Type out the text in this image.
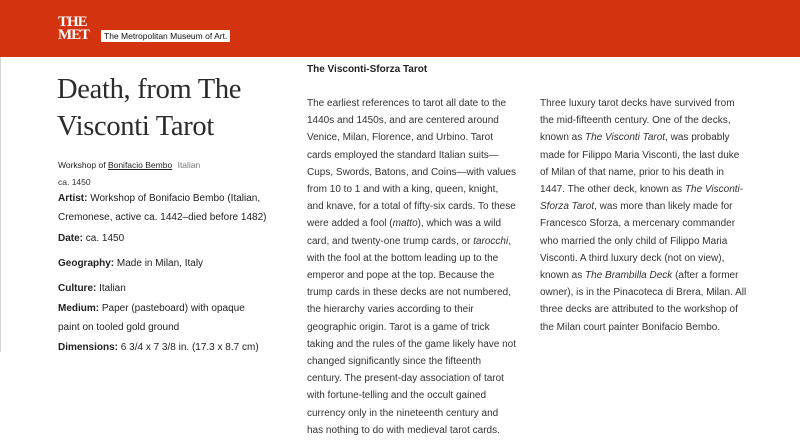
THE
MET	The Metropolitan Museum of Art.
Death, from The Visconti Tarot
Workshop of Bonifacio Bembo Italian
ca. 1450
Artist: Workshop of Bonifacio Bembo (Italian, Cremonese, active ca. 1442–died before 1482)
Date: ca. 1450
Geography: Made in Milan, Italy
Culture: Italian
Medium: Paper (pasteboard) with opaque paint on tooled gold ground
Dimensions: 6 3/4 x 7 3/8 in. (17.3 x 8.7 cm)
The Visconti-Sforza Tarot

The earliest references to tarot all date to the 1440s and 1450s, and are centered around Venice, Milan, Florence, and Urbino. Tarot cards employed the standard Italian suits—Cups, Swords, Batons, and Coins—with values from 10 to 1 and with a king, queen, knight, and knave, for a total of fifty-six cards. To these were added a fool (matto), which was a wild card, and twenty-one trump cards, or tarocchi, with the fool at the bottom leading up to the emperor and pope at the top. Because the trump cards in these decks are not numbered, the hierarchy varies according to their geographic origin. Tarot is a game of trick taking and the rules of the game likely have not changed significantly since the fifteenth century. The present-day association of tarot with fortune-telling and the occult gained currency only in the nineteenth century and has nothing to do with medieval tarot cards.

Three luxury tarot decks have survived from the mid-fifteenth century. One of the decks, known as The Visconti Tarot, was probably made for Filippo Maria Visconti, the last duke of Milan of that name, prior to his death in 1447. The other deck, known as The Visconti-Sforza Tarot, was more than likely made for Francesco Sforza, a mercenary commander who married the only child of Filippo Maria Visconti. A third luxury deck (not on view), known as The Brambilla Deck (after a former owner), is in the Pinacoteca di Brera, Milan. All three decks are attributed to the workshop of the Milan court painter Bonifacio Bembo.
